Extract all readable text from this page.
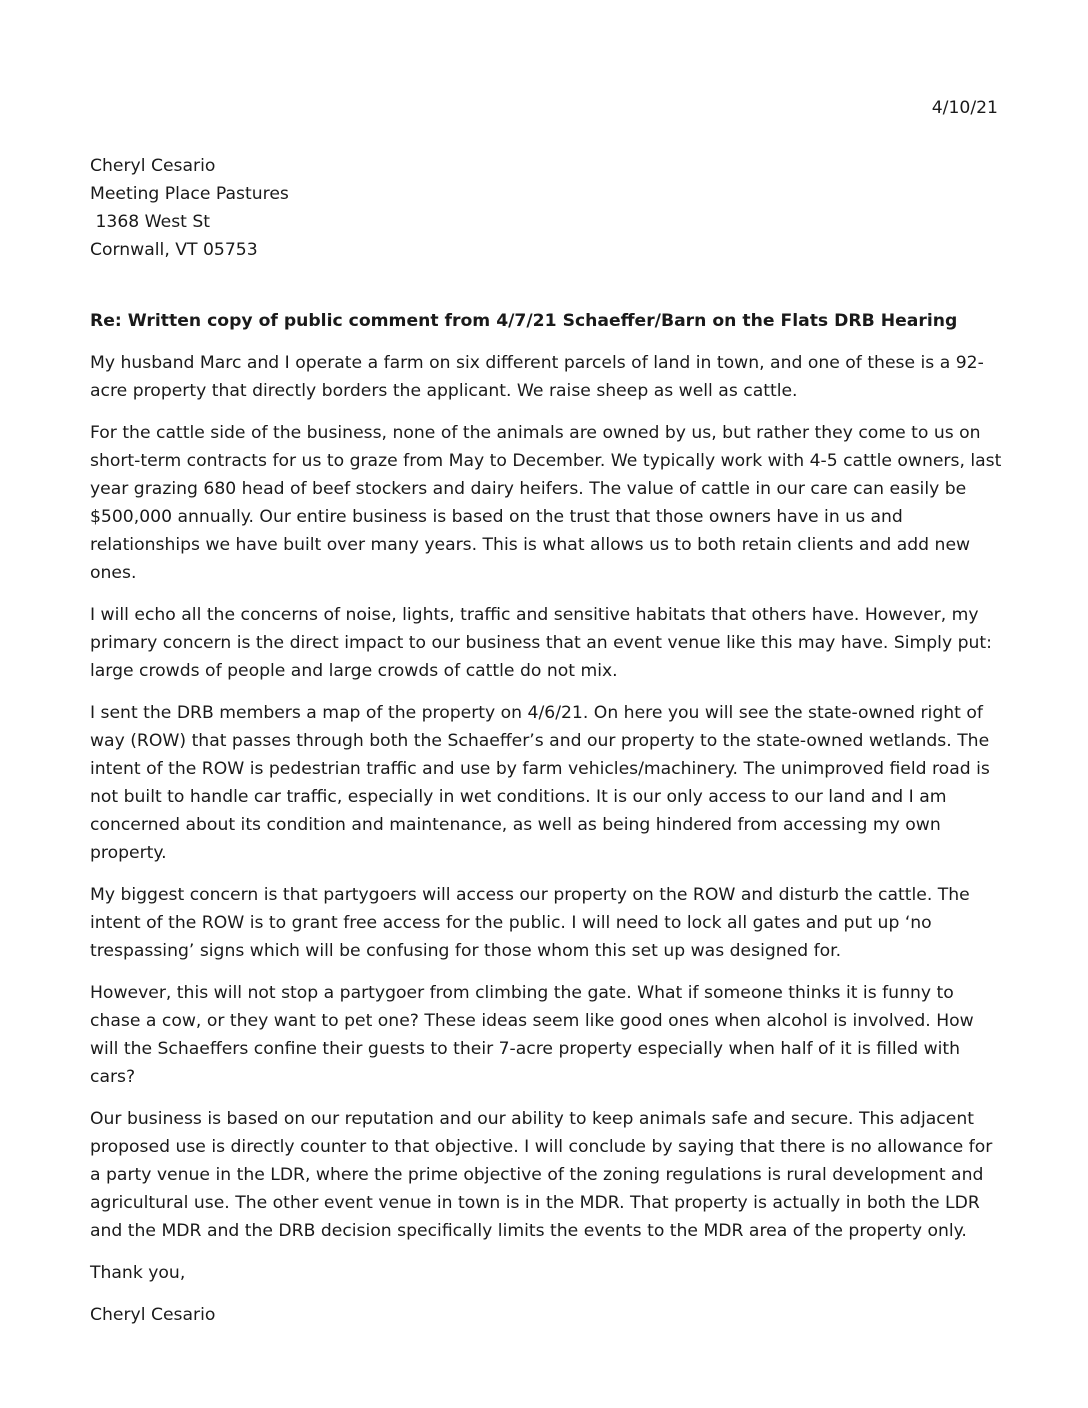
4/10/21
Cheryl Cesario
Meeting Place Pastures
1368 West St
Cornwall, VT 05753

Re: Written copy of public comment from 4/7/21 Schaeffer/Barn on the Flats DRB Hearing

My husband Marc and I operate a farm on six different parcels of land in town, and one of these is a 92-acre property that directly borders the applicant. We raise sheep as well as cattle.

For the cattle side of the business, none of the animals are owned by us, but rather they come to us on short-term contracts for us to graze from May to December. We typically work with 4-5 cattle owners, last year grazing 680 head of beef stockers and dairy heifers. The value of cattle in our care can easily be $500,000 annually. Our entire business is based on the trust that those owners have in us and relationships we have built over many years. This is what allows us to both retain clients and add new ones.

I will echo all the concerns of noise, lights, traffic and sensitive habitats that others have. However, my primary concern is the direct impact to our business that an event venue like this may have. Simply put: large crowds of people and large crowds of cattle do not mix.

I sent the DRB members a map of the property on 4/6/21. On here you will see the state-owned right of way (ROW) that passes through both the Schaeffer’s and our property to the state-owned wetlands. The intent of the ROW is pedestrian traffic and use by farm vehicles/machinery. The unimproved field road is not built to handle car traffic, especially in wet conditions. It is our only access to our land and I am concerned about its condition and maintenance, as well as being hindered from accessing my own property.

My biggest concern is that partygoers will access our property on the ROW and disturb the cattle. The intent of the ROW is to grant free access for the public. I will need to lock all gates and put up ‘no trespassing’ signs which will be confusing for those whom this set up was designed for.

However, this will not stop a partygoer from climbing the gate. What if someone thinks it is funny to chase a cow, or they want to pet one? These ideas seem like good ones when alcohol is involved. How will the Schaeffers confine their guests to their 7-acre property especially when half of it is filled with cars?

Our business is based on our reputation and our ability to keep animals safe and secure. This adjacent proposed use is directly counter to that objective. I will conclude by saying that there is no allowance for a party venue in the LDR, where the prime objective of the zoning regulations is rural development and agricultural use. The other event venue in town is in the MDR. That property is actually in both the LDR and the MDR and the DRB decision specifically limits the events to the MDR area of the property only.

Thank you,

Cheryl Cesario
